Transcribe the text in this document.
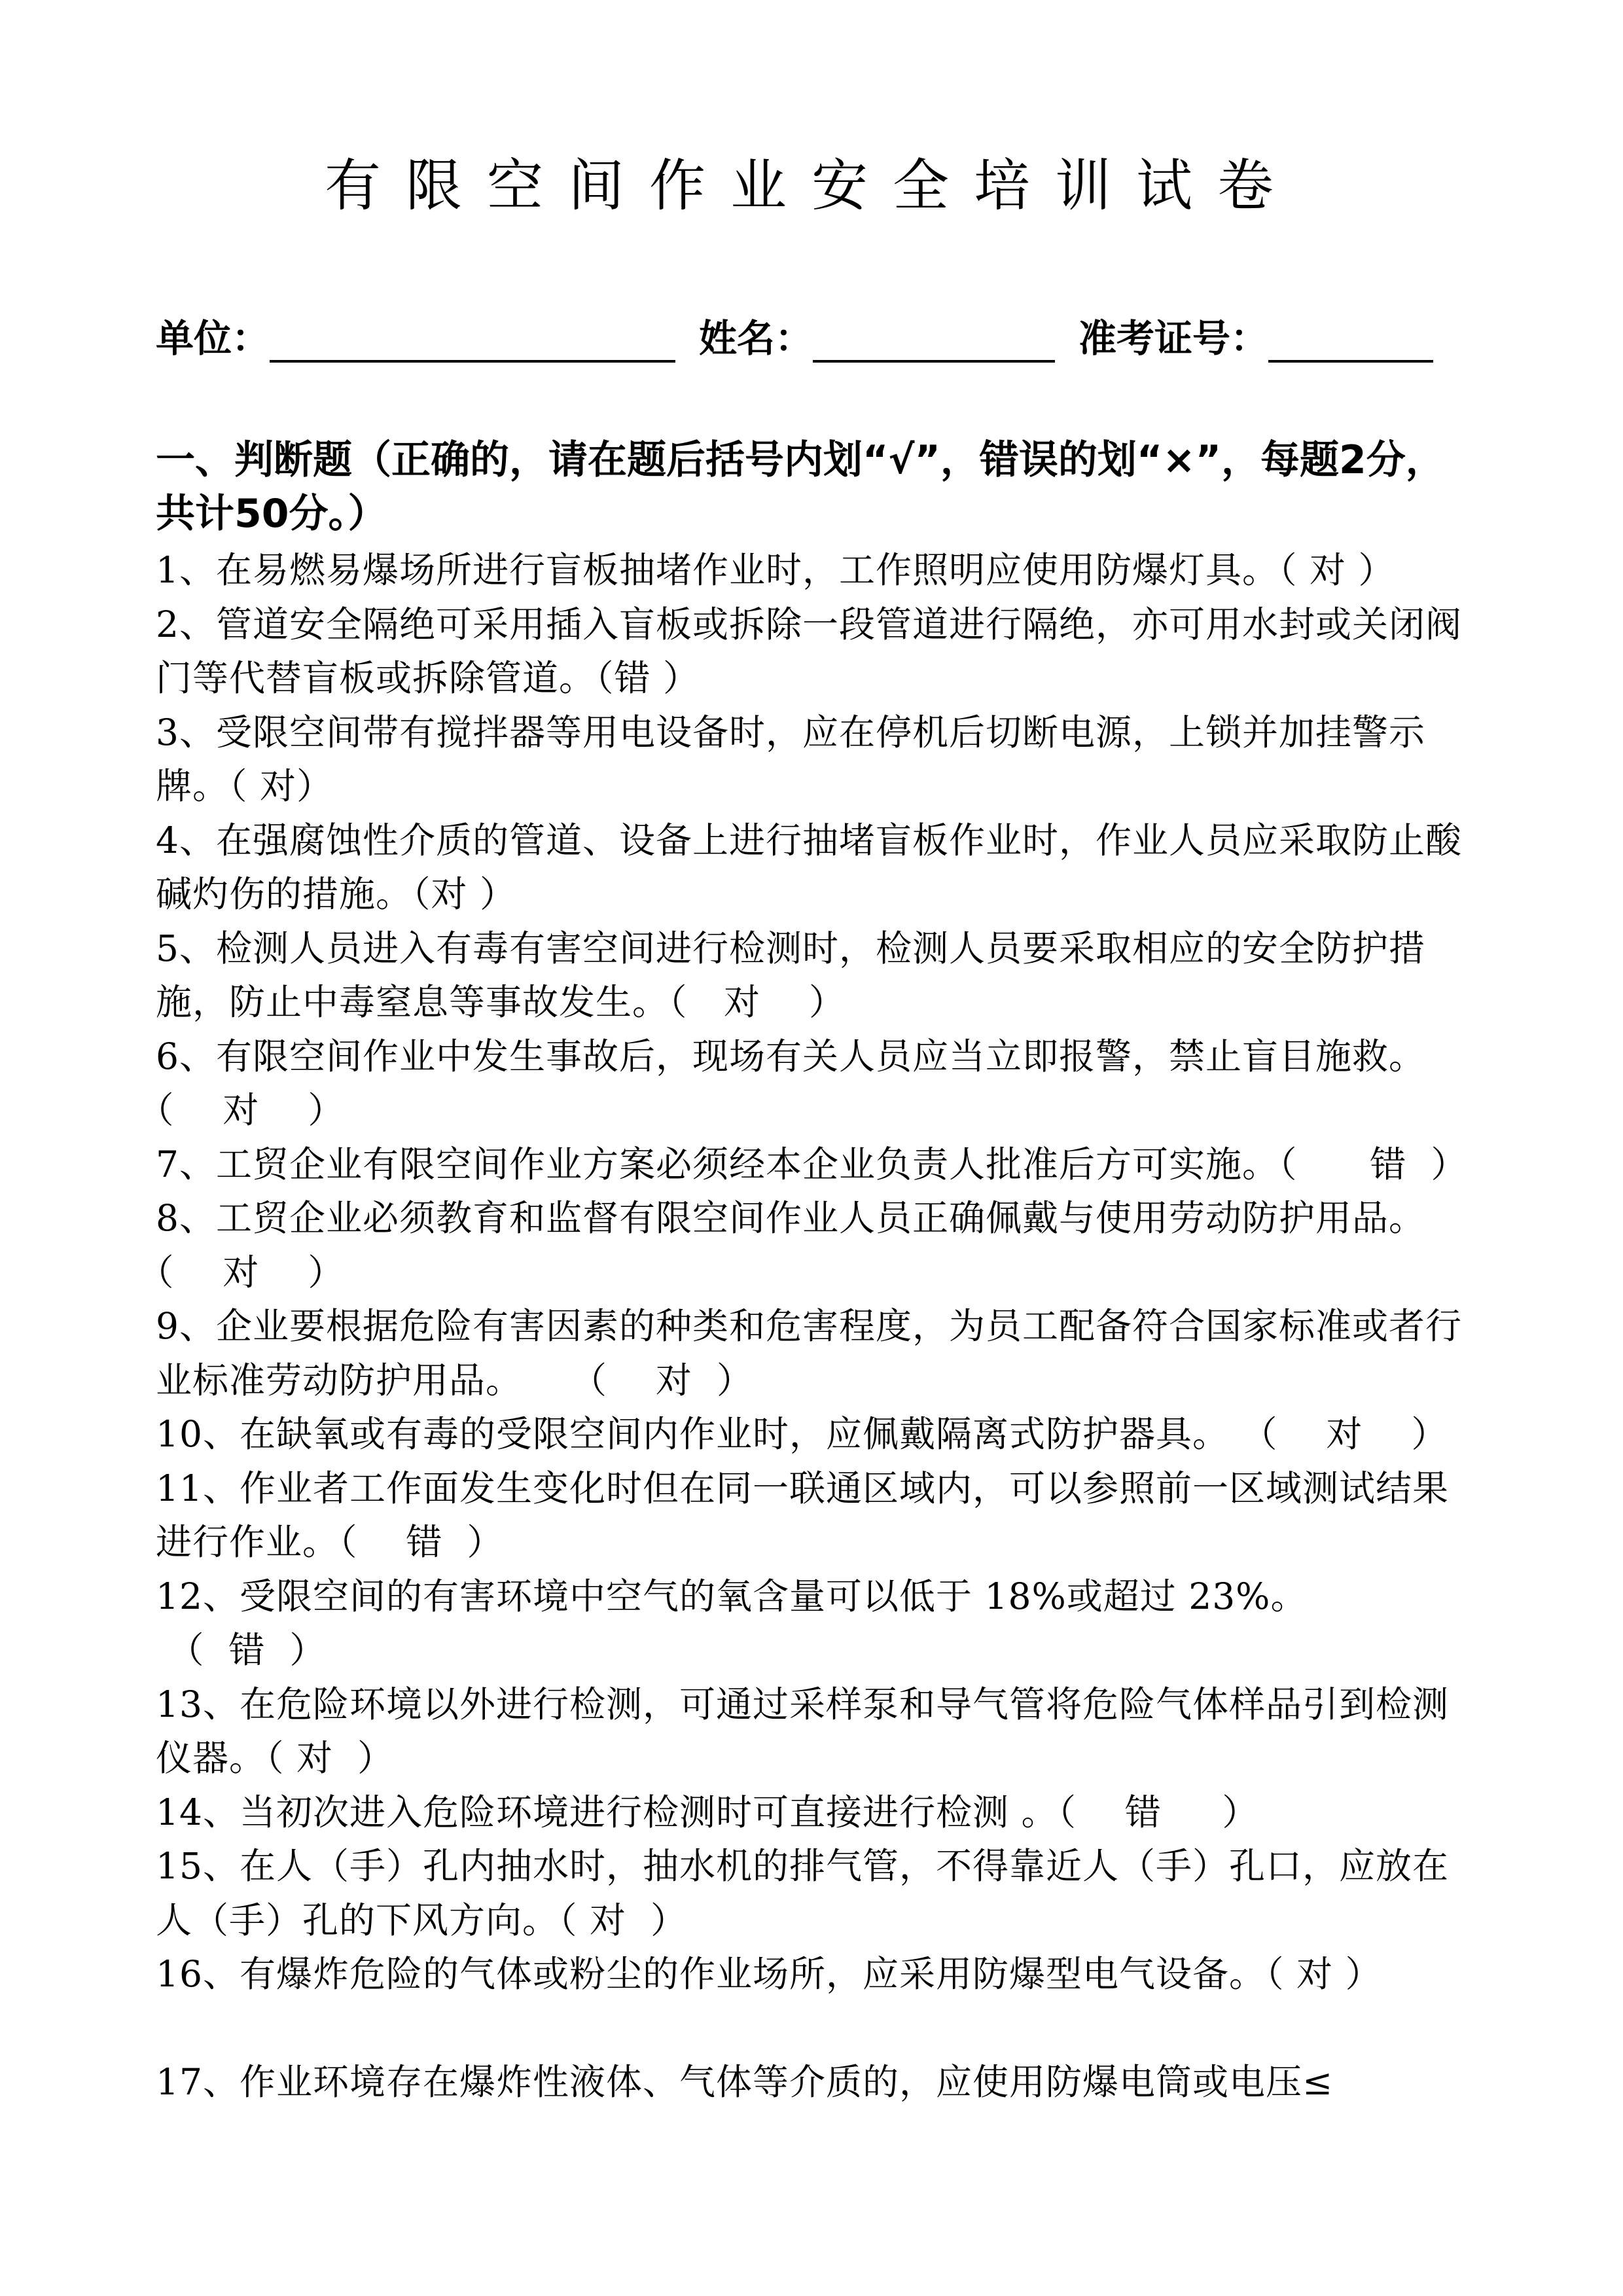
有限空间作业安全培训试卷
单位：	姓名：	准考证号：
一、判断题（正确的，请在题后括号内划“√”，错误的划“×”，每题2分，共计50分。）

1、在易燃易爆场所进行盲板抽堵作业时，工作照明应使用防爆灯具。（ 对 ）

2、管道安全隔绝可采用插入盲板或拆除一段管道进行隔绝，亦可用水封或关闭阀门等代替盲板或拆除管道。（错 ）

3、受限空间带有搅拌器等用电设备时，应在停机后切断电源，上锁并加挂警示牌。（ 对）

4、在强腐蚀性介质的管道、设备上进行抽堵盲板作业时，作业人员应采取防止酸碱灼伤的措施。（对 ）

5、检测人员进入有毒有害空间进行检测时，检测人员要采取相应的安全防护措施，防止中毒窒息等事故发生。（   对    ）

6、有限空间作业中发生事故后，现场有关人员应当立即报警，禁止盲目施救。（    对    ）

7、工贸企业有限空间作业方案必须经本企业负责人批准后方可实施。（      错  ）

8、工贸企业必须教育和监督有限空间作业人员正确佩戴与使用劳动防护用品。（    对    ）

9、企业要根据危险有害因素的种类和危害程度，为员工配备符合国家标准或者行业标准劳动防护用品。    （    对  ）

10、在缺氧或有毒的受限空间内作业时，应佩戴隔离式防护器具。 （    对    ）

11、作业者工作面发生变化时但在同一联通区域内，可以参照前一区域测试结果进行作业。（    错  ）

12、受限空间的有害环境中空气的氧含量可以低于 18%或超过 23%。 （  错  ）

13、在危险环境以外进行检测，可通过采样泵和导气管将危险气体样品引到检测仪器。（ 对  ）

14、当初次进入危险环境进行检测时可直接进行检测 。（    错     ）

15、在人（手）孔内抽水时，抽水机的排气管，不得靠近人（手）孔口，应放在人（手）孔的下风方向。（ 对  ）

16、有爆炸危险的气体或粉尘的作业场所，应采用防爆型电气设备。（ 对 ）

17、作业环境存在爆炸性液体、气体等介质的，应使用防爆电筒或电压≤
